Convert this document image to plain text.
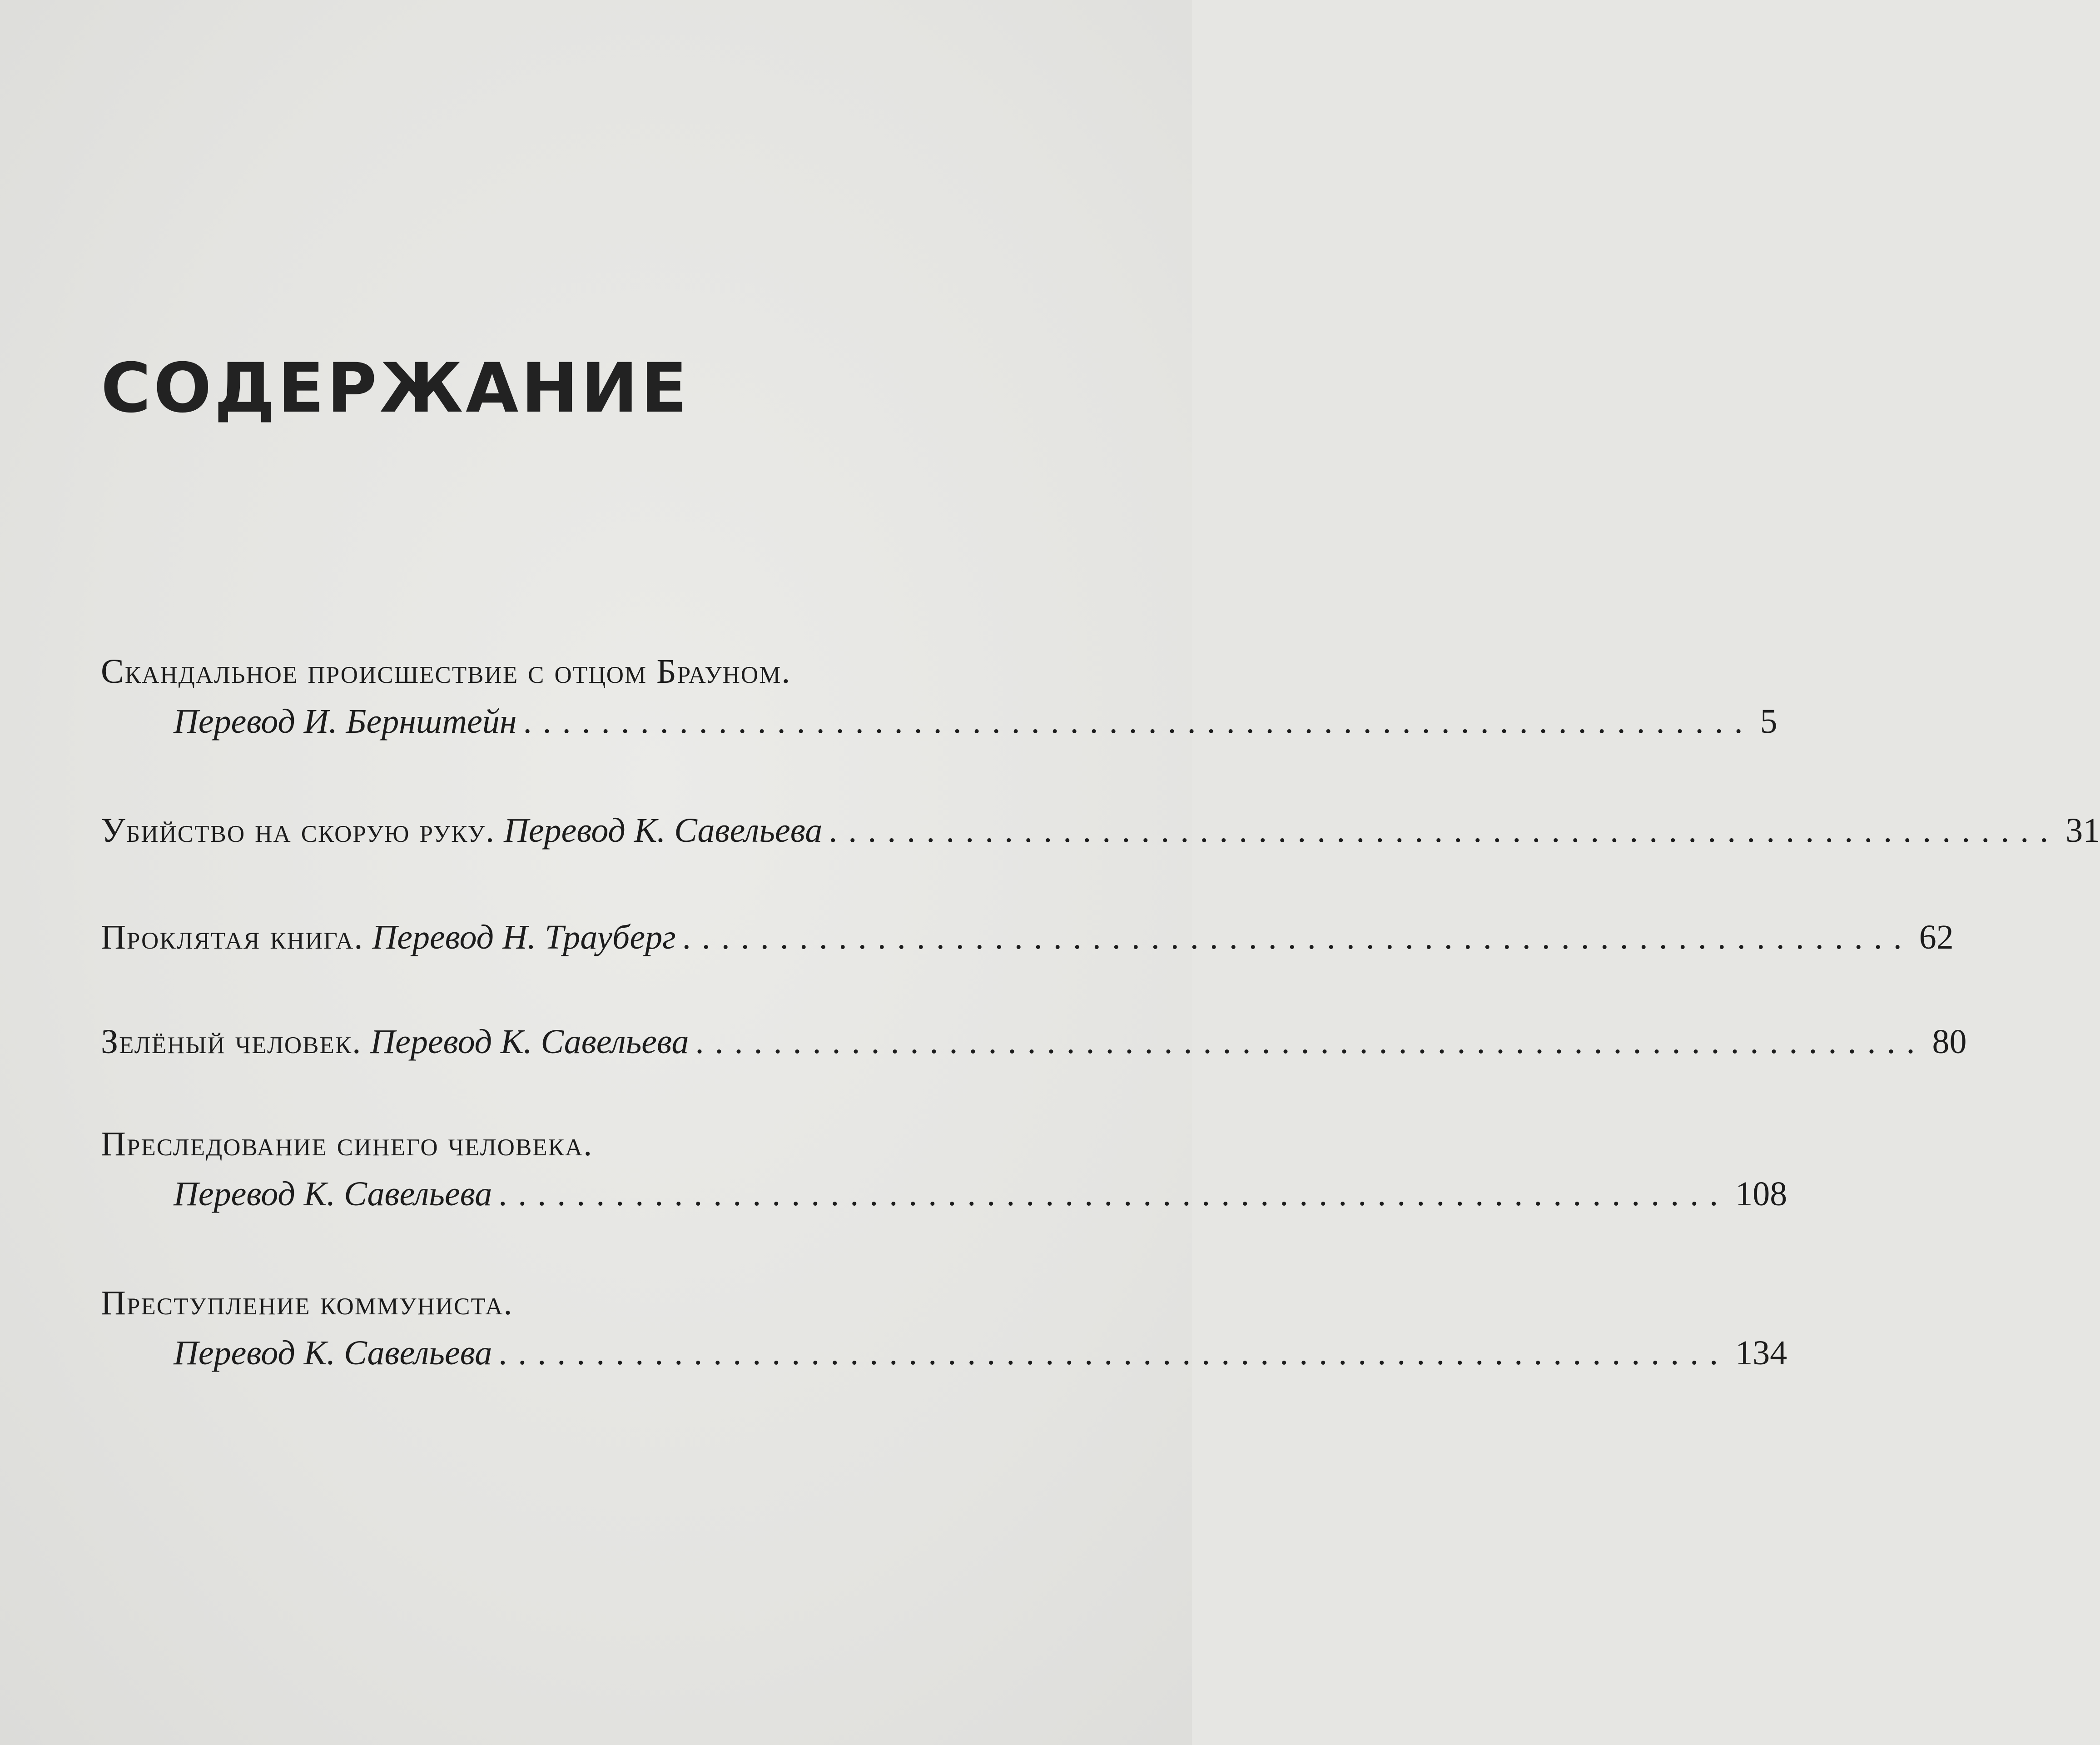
СОДЕРЖАНИЕ
Скандальное происшествие с отцом Брауном.
Перевод И. Бернштейн ............................................................... 5
Убийство на скорую руку.
Перевод К. Савельева ............................................................... 31
Проклятая книга.
Перевод Н. Трауберг ............................................................... 62
Зелёный человек.
Перевод К. Савельева ............................................................... 80
Преследование синего человека.
Перевод К. Савельева ............................................................... 108
Преступление коммуниста.
Перевод К. Савельева ............................................................... 134
